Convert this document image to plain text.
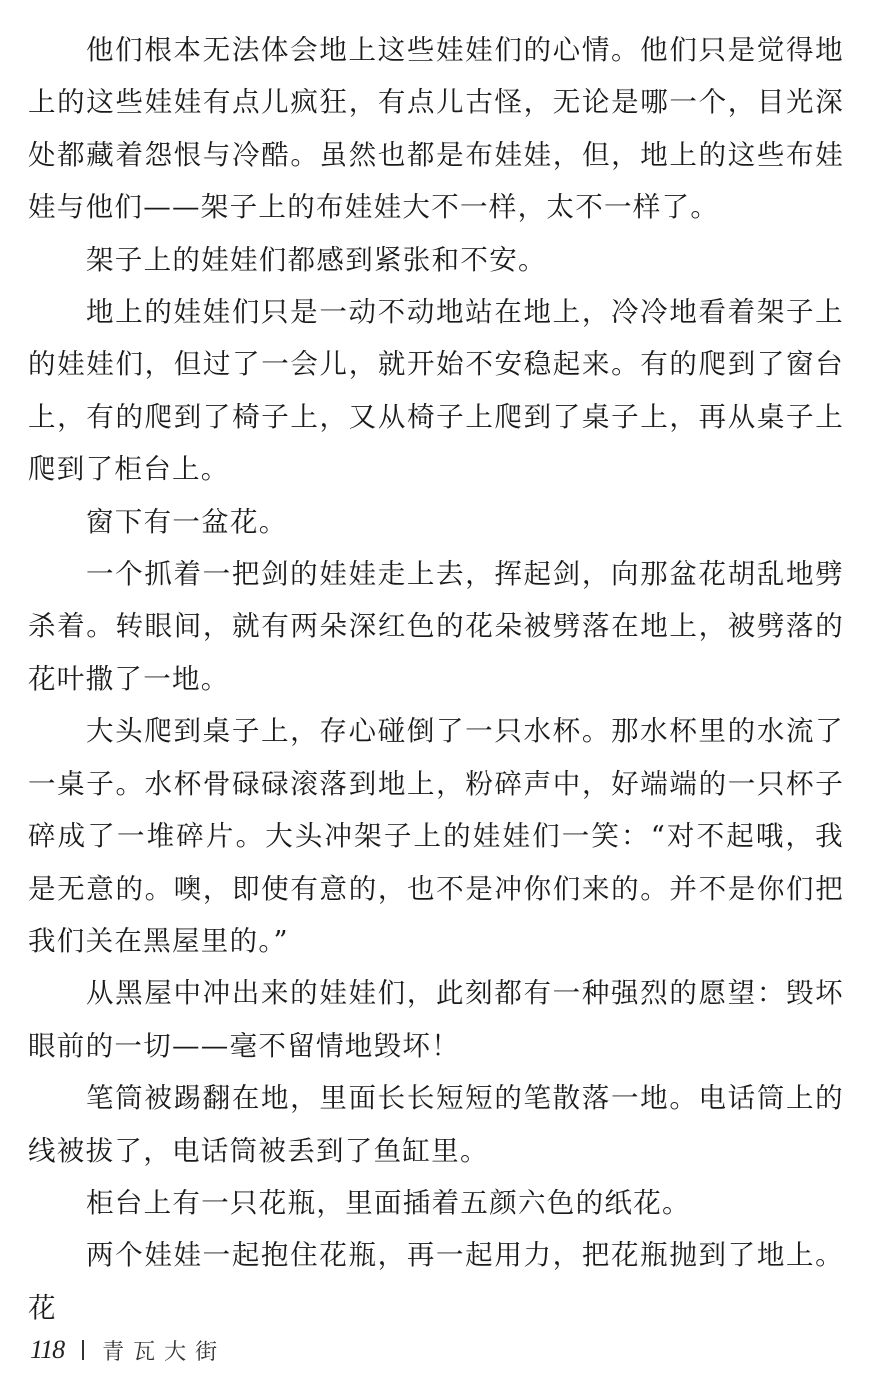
他们根本无法体会地上这些娃娃们的心情。他们只是觉得地上的这些娃娃有点儿疯狂，有点儿古怪，无论是哪一个，目光深处都藏着怨恨与冷酷。虽然也都是布娃娃，但，地上的这些布娃娃与他们——架子上的布娃娃大不一样，太不一样了。

架子上的娃娃们都感到紧张和不安。

地上的娃娃们只是一动不动地站在地上，冷冷地看着架子上的娃娃们，但过了一会儿，就开始不安稳起来。有的爬到了窗台上，有的爬到了椅子上，又从椅子上爬到了桌子上，再从桌子上爬到了柜台上。

窗下有一盆花。

一个抓着一把剑的娃娃走上去，挥起剑，向那盆花胡乱地劈杀着。转眼间，就有两朵深红色的花朵被劈落在地上，被劈落的花叶撒了一地。

大头爬到桌子上，存心碰倒了一只水杯。那水杯里的水流了一桌子。水杯骨碌碌滚落到地上，粉碎声中，好端端的一只杯子碎成了一堆碎片。大头冲架子上的娃娃们一笑：“对不起哦，我是无意的。噢，即使有意的，也不是冲你们来的。并不是你们把我们关在黑屋里的。”

从黑屋中冲出来的娃娃们，此刻都有一种强烈的愿望：毁坏眼前的一切——毫不留情地毁坏！

笔筒被踢翻在地，里面长长短短的笔散落一地。电话筒上的线被拔了，电话筒被丢到了鱼缸里。

柜台上有一只花瓶，里面插着五颜六色的纸花。

两个娃娃一起抱住花瓶，再一起用力，把花瓶抛到了地上。花

118 青瓦大街
